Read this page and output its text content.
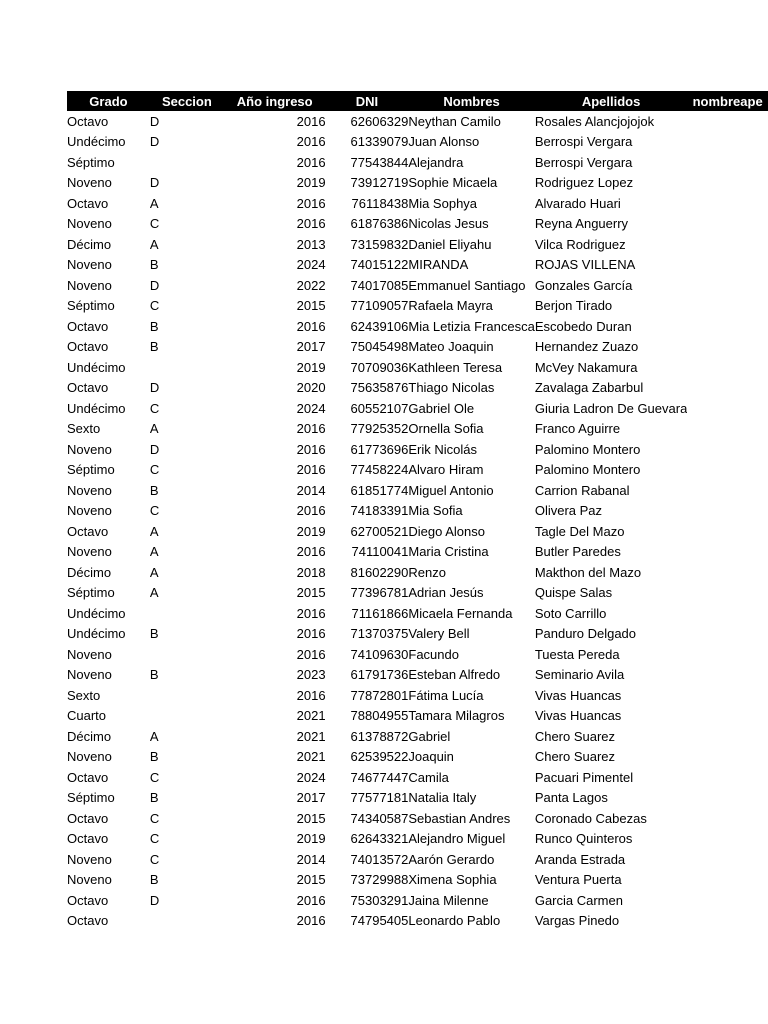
Grado	Seccion	Año ingreso	DNI	Nombres	Apellidos	nombreape
Octavo	D	2016	62606329	Neythan Camilo	Rosales Alancjojojok	
Undécimo	D	2016	61339079	Juan Alonso	Berrospi Vergara	
Séptimo		2016	77543844	Alejandra	Berrospi Vergara	
Noveno	D	2019	73912719	Sophie Micaela	Rodriguez Lopez	
Octavo	A	2016	76118438	Mia Sophya	Alvarado Huari	
Noveno	C	2016	61876386	Nicolas Jesus	Reyna Anguerry	
Décimo	A	2013	73159832	Daniel Eliyahu	Vilca Rodriguez	
Noveno	B	2024	74015122	MIRANDA	ROJAS VILLENA	
Noveno	D	2022	74017085	Emmanuel Santiago	Gonzales García	
Séptimo	C	2015	77109057	Rafaela Mayra	Berjon Tirado	
Octavo	B	2016	62439106	Mia Letizia Francesca	Escobedo Duran	
Octavo	B	2017	75045498	Mateo Joaquin	Hernandez Zuazo	
Undécimo		2019	70709036	Kathleen Teresa	McVey Nakamura	
Octavo	D	2020	75635876	Thiago Nicolas	Zavalaga Zabarbul	
Undécimo	C	2024	60552107	Gabriel Ole	Giuria Ladron De Guevara	
Sexto	A	2016	77925352	Ornella Sofia	Franco Aguirre	
Noveno	D	2016	61773696	Erik Nicolás	Palomino Montero	
Séptimo	C	2016	77458224	Alvaro Hiram	Palomino Montero	
Noveno	B	2014	61851774	Miguel Antonio	Carrion Rabanal	
Noveno	C	2016	74183391	Mia Sofia	Olivera Paz	
Octavo	A	2019	62700521	Diego Alonso	Tagle Del Mazo	
Noveno	A	2016	74110041	Maria Cristina	Butler Paredes	
Décimo	A	2018	81602290	Renzo	Makthon del Mazo	
Séptimo	A	2015	77396781	Adrian Jesús	Quispe Salas	
Undécimo		2016	71161866	Micaela Fernanda	Soto Carrillo	
Undécimo	B	2016	71370375	Valery Bell	Panduro Delgado	
Noveno		2016	74109630	Facundo	Tuesta Pereda	
Noveno	B	2023	61791736	Esteban Alfredo	Seminario Avila	
Sexto		2016	77872801	Fátima Lucía	Vivas Huancas	
Cuarto		2021	78804955	Tamara Milagros	Vivas Huancas	
Décimo	A	2021	61378872	Gabriel	Chero Suarez	
Noveno	B	2021	62539522	Joaquin	Chero Suarez	
Octavo	C	2024	74677447	Camila	Pacuari Pimentel	
Séptimo	B	2017	77577181	Natalia Italy	Panta Lagos	
Octavo	C	2015	74340587	Sebastian Andres	Coronado Cabezas	
Octavo	C	2019	62643321	Alejandro Miguel	Runco Quinteros	
Noveno	C	2014	74013572	Aarón Gerardo	Aranda Estrada	
Noveno	B	2015	73729988	Ximena Sophia	Ventura Puerta	
Octavo	D	2016	75303291	Jaina Milenne	Garcia Carmen	
Octavo		2016	74795405	Leonardo Pablo	Vargas Pinedo	
